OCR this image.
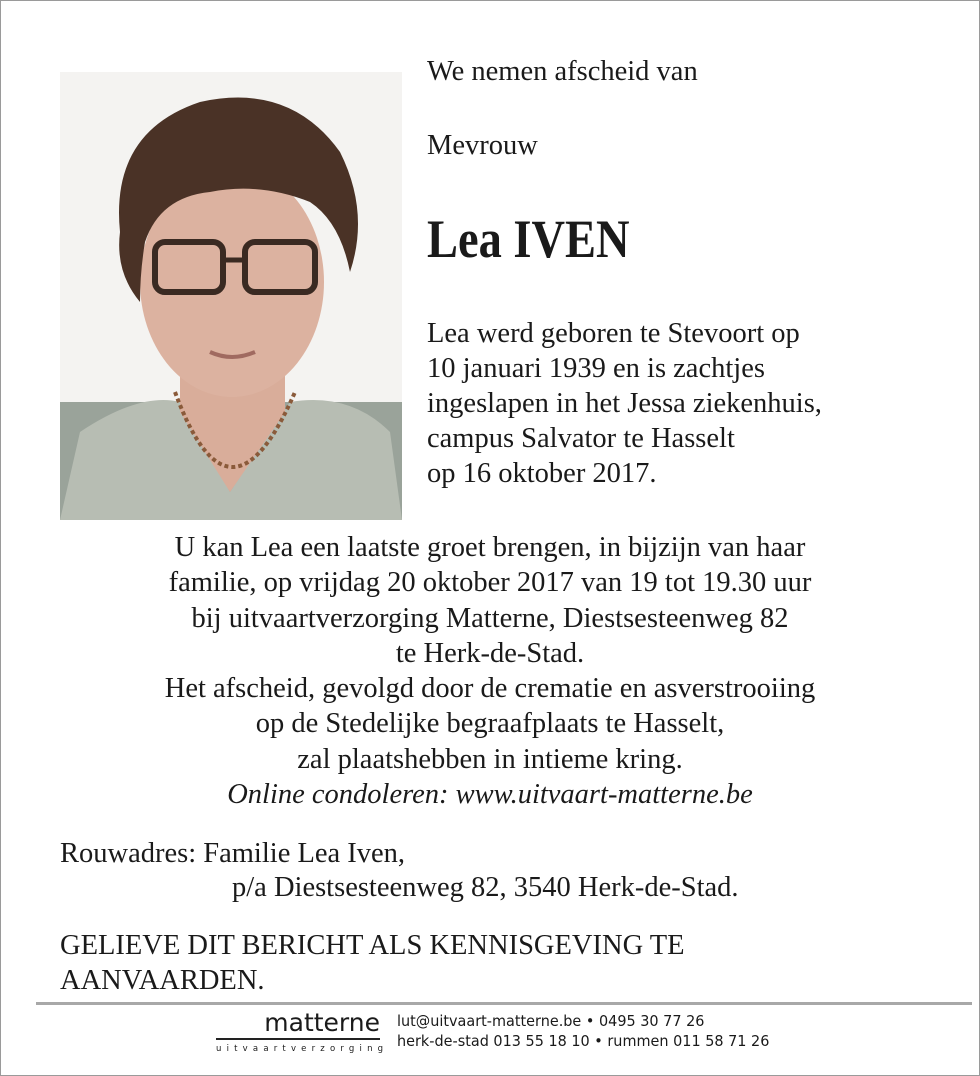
We nemen afscheid van
Mevrouw
Lea IVEN
Lea werd geboren te Stevoort op
10 januari 1939 en is zachtjes
ingeslapen in het Jessa ziekenhuis,
campus Salvator te Hasselt
op 16 oktober 2017.
U kan Lea een laatste groet brengen, in bijzijn van haar
familie, op vrijdag 20 oktober 2017 van 19 tot 19.30 uur
bij uitvaartverzorging Matterne, Diestsesteenweg 82
te Herk-de-Stad.
Het afscheid, gevolgd door de crematie en asverstrooiing
op de Stedelijke begraafplaats te Hasselt,
zal plaatshebben in intieme kring.
Online condoleren: www.uitvaart-matterne.be
Rouwadres: Familie Lea Iven,
p/a Diestsesteenweg 82, 3540 Herk-de-Stad.
GELIEVE DIT BERICHT ALS KENNISGEVING TE
AANVAARDEN.
matterne
uitvaartverzorging
lut@uitvaart-matterne.be • 0495 30 77 26
herk-de-stad 013 55 18 10 • rummen 011 58 71 26
